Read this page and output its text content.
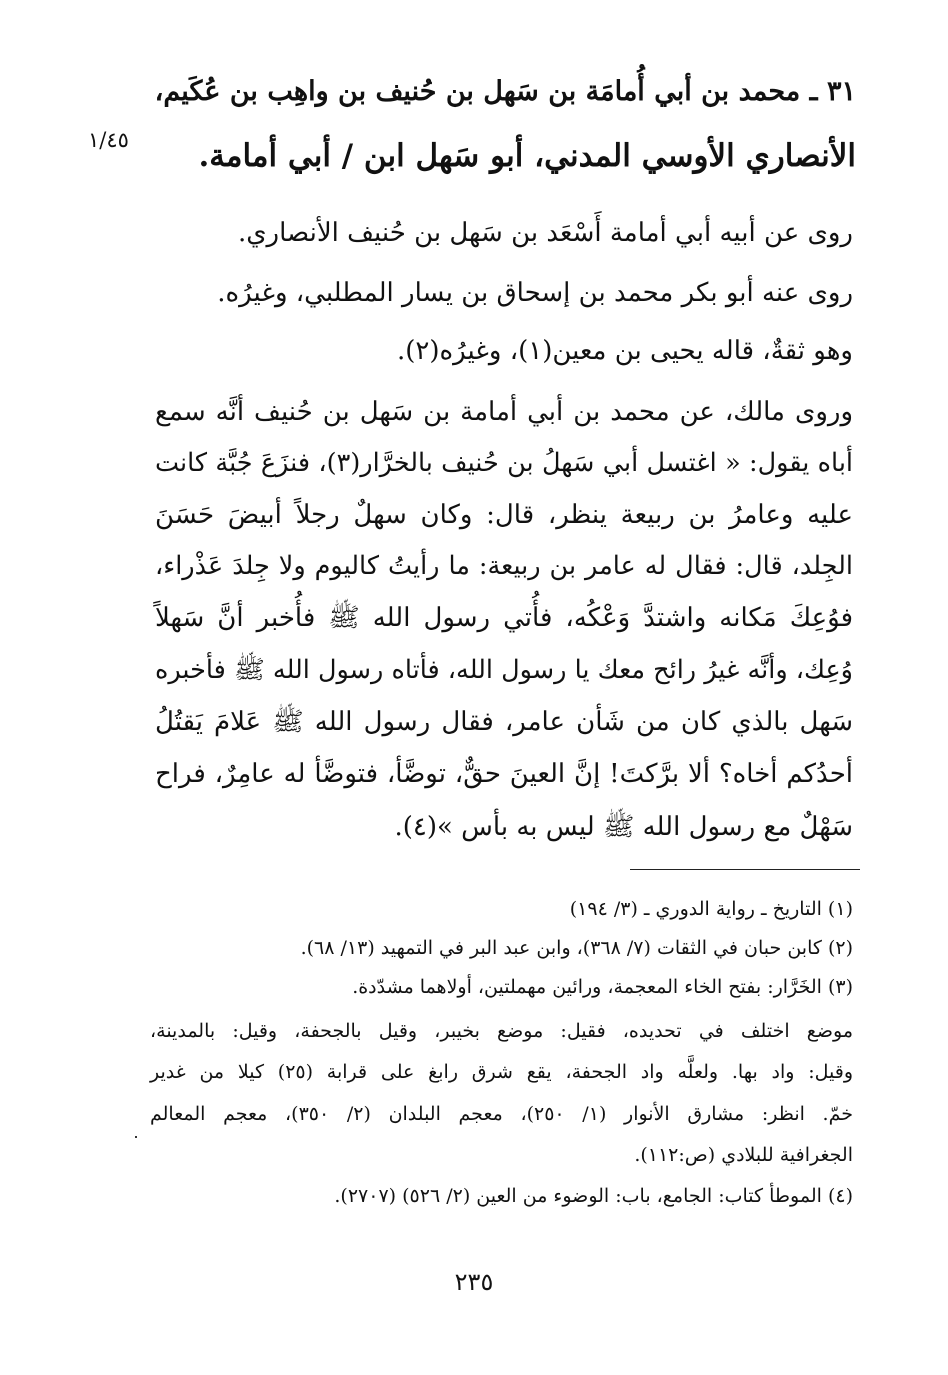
٣١ ـ محمد بن أبي أُمامَة بن سَهل بن حُنيف بن واهِب بن عُكَيم،
الأنصاري الأوسي المدني، أبو سَهل ابن / أبي أمامة.
١/٤٥
روى عن أبيه أبي أمامة أَسْعَد بن سَهل بن حُنيف الأنصاري.
روى عنه أبو بكر محمد بن إسحاق بن يسار المطلبي، وغيرُه.
وهو ثقةٌ، قاله يحيى بن معين(١)، وغيرُه(٢).
وروى مالك، عن محمد بن أبي أمامة بن سَهل بن حُنيف أنَّه سمع
أباه يقول: « اغتسل أبي سَهلُ بن حُنيف بالخرَّار(٣)، فنزَعَ جُبَّة كانت
عليه وعامرُ بن ربيعة ينظر، قال: وكان سهلٌ رجلاً أبيضَ حَسَنَ
الجِلد، قال: فقال له عامر بن ربيعة: ما رأيتُ كاليوم ولا جِلدَ عَذْراء،
فوُعِكَ مَكانه واشتدَّ وَعْكُه، فأُتي رسول الله ﷺ فأُخبر أنَّ سَهلاً
وُعِك، وأنَّه غيرُ رائح معك يا رسول الله، فأتاه رسول الله ﷺ فأخبره
سَهل بالذي كان من شَأن عامر، فقال رسول الله ﷺ عَلامَ يَقتُلُ
أحدُكم أخاه؟ ألا برَّكتَ! إنَّ العينَ حقٌّ، توضَّأ، فتوضَّأ له عامِرٌ، فراح
سَهْلٌ مع رسول الله ﷺ ليس به بأس »(٤).
(١) التاريخ ـ رواية الدوري ـ (٣/ ١٩٤)
(٢) كابن حبان في الثقات (٧/ ٣٦٨)، وابن عبد البر في التمهيد (١٣/ ٦٨).
(٣) الخَرَّار: بفتح الخاء المعجمة، ورائين مهملتين، أولاهما مشدّدة.
موضع اختلف في تحديده، فقيل: موضع بخيبر، وقيل بالجحفة، وقيل: بالمدينة،
وقيل: واد بها. ولعلَّه واد الجحفة، يقع شرق رابغ على قرابة (٢٥) كيلا من غدير
خمّ. انظر: مشارق الأنوار (١/ ٢٥٠)، معجم البلدان (٢/ ٣٥٠)، معجم المعالم
الجغرافية للبلادي (ص:١١٢).
(٤) الموطأ كتاب: الجامع، باب: الوضوء من العين (٢/ ٥٢٦) (٢٧٠٧).
٢٣٥
